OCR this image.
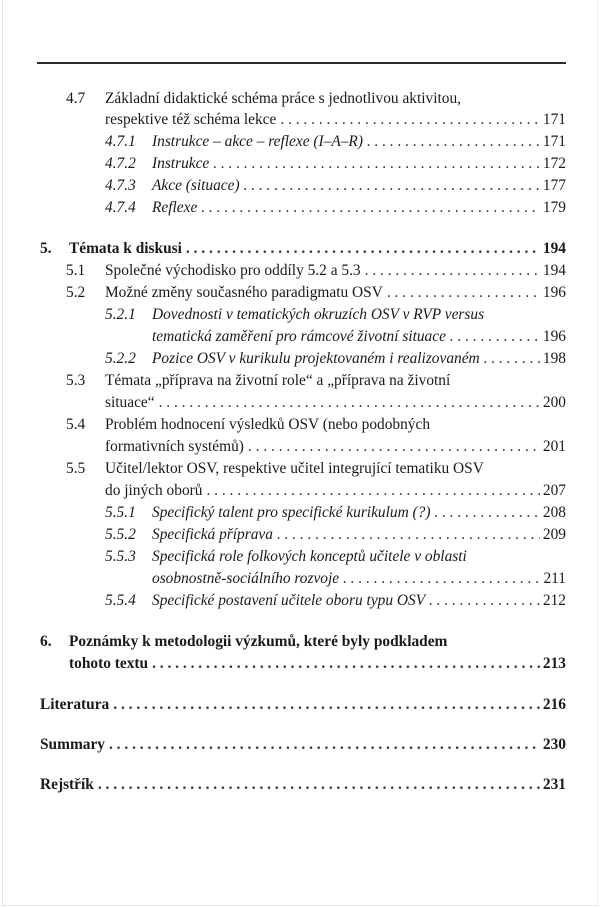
4.7 Základní didaktické schéma práce s jednotlivou aktivitou,
respektive též schéma lekce . . .	171
4.7.1 Instrukce – akce – reflexe (I–A–R) . . .	171
4.7.2 Instrukce . . .	172
4.7.3 Akce (situace) . . .	177
4.7.4 Reflexe . . .	179
5. Témata k diskusi . . .	194
5.1 Společné východisko pro oddíly 5.2 a 5.3 . . .	194
5.2 Možné změny současného paradigmatu OSV . . .	196
5.2.1 Dovednosti v tematických okruzích OSV v RVP versus
tematická zaměření pro rámcové životní situace . . .	196
5.2.2 Pozice OSV v kurikulu projektovaném i realizovaném . . .	198
5.3 Témata „příprava na životní role“ a „příprava na životní
situace“ . . .	200
5.4 Problém hodnocení výsledků OSV (nebo podobných
formativních systémů) . . .	201
5.5 Učitel/lektor OSV, respektive učitel integrující tematiku OSV
do jiných oborů . . .	207
5.5.1 Specifický talent pro specifické kurikulum (?) . . .	208
5.5.2 Specifická příprava . . .	209
5.5.3 Specifická role folkových konceptů učitele v oblasti
osobnostně-sociálního rozvoje . . .	211
5.5.4 Specifické postavení učitele oboru typu OSV . . .	212
6. Poznámky k metodologii výzkumů, které byly podkladem
tohoto textu . . .	213
Literatura . . .	216
Summary . . .	230
Rejstřík . . .	231
